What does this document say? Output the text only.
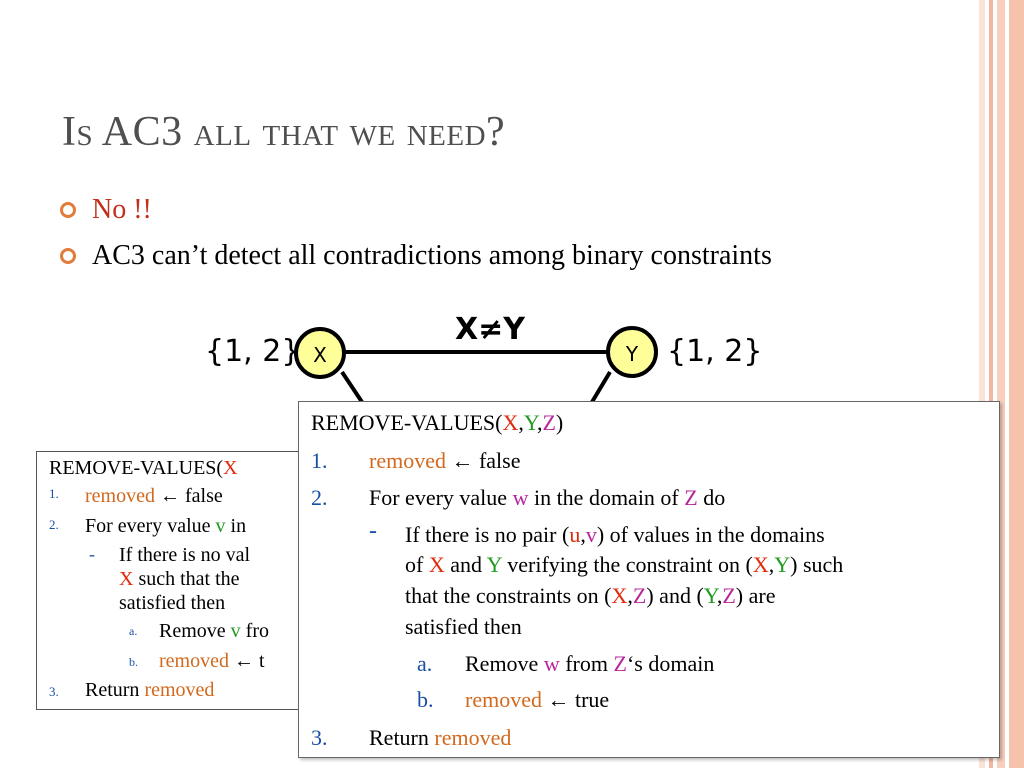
Is AC3 all that we need?
No !!
AC3 can’t detect all contradictions among binary constraints
X	Y
{1, 2}	{1, 2}
X≠Y
REMOVE-VALUES(X
1. removed ← false
2. For every value v in
- If there is no val
X such that the
satisfied then
a. Remove v fro
b. removed ← t
3. Return removed
REMOVE-VALUES(X,Y,Z)
1. removed ← false
2. For every value w in the domain of Z do
- If there is no pair (u,v) of values in the domains
of X and Y verifying the constraint on (X,Y) such
that the constraints on (X,Z) and (Y,Z) are
satisfied then
a. Remove w from Z‘s domain
b. removed ← true
3. Return removed
